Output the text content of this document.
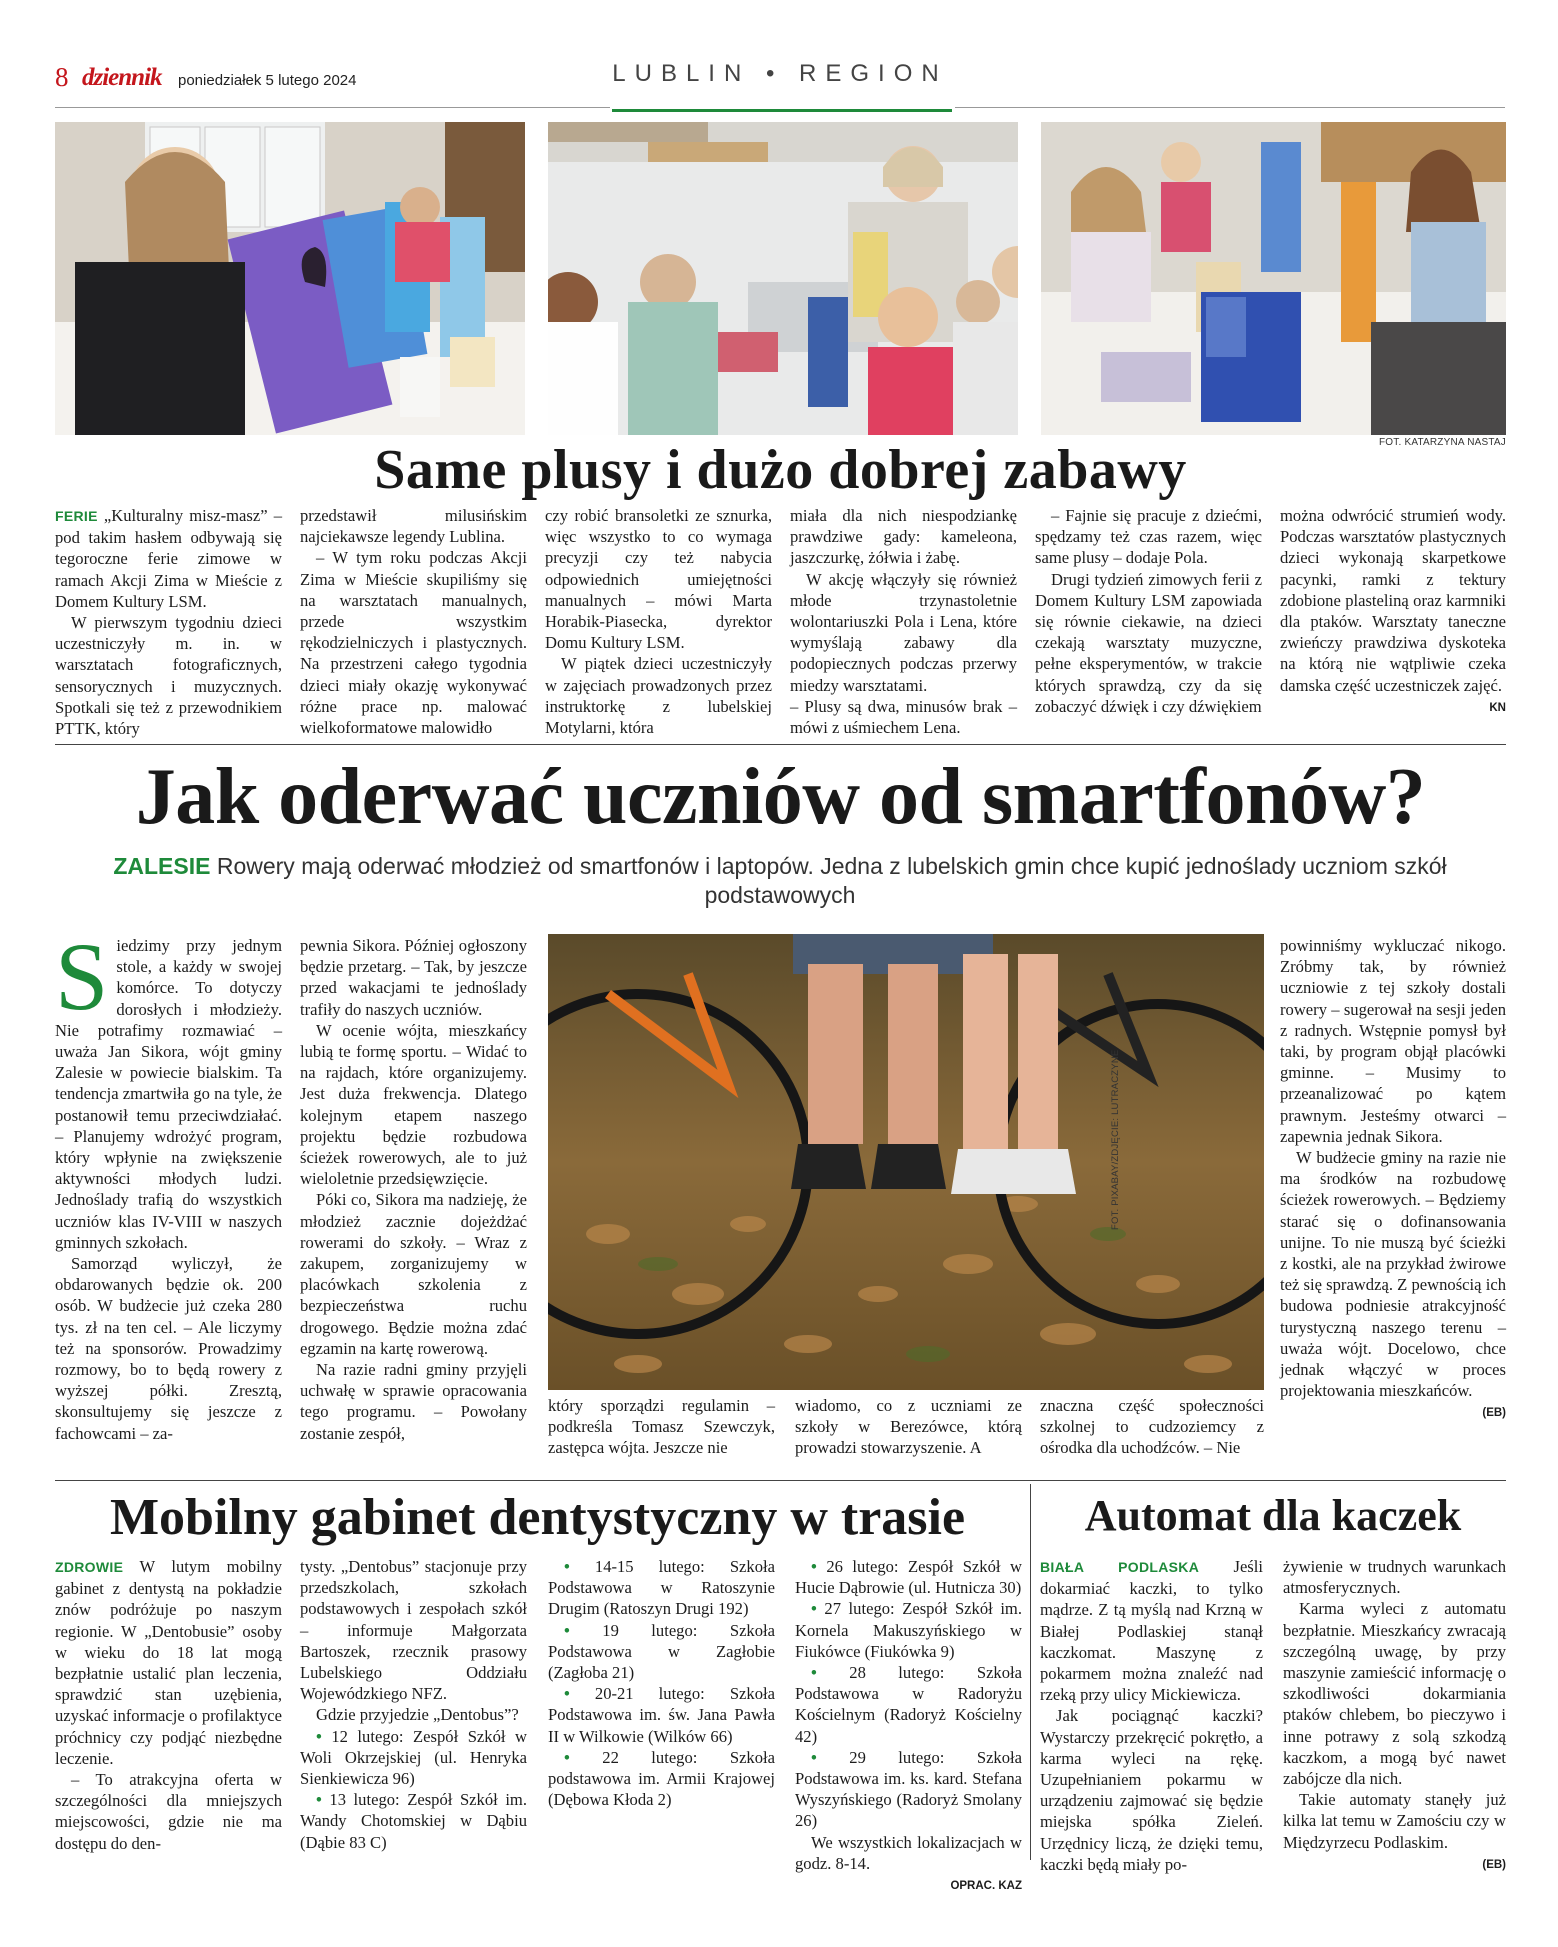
8 dziennik poniedziałek 5 lutego 2024	LUBLIN • REGION
FOT. KATARZYNA NASTAJ
Same plusy i dużo dobrej zabawy

FERIE „Kulturalny misz-masz” – pod takim hasłem odbywają się tegoroczne ferie zimowe w ramach Akcji Zima w Mieście z Domem Kultury LSM.

W pierwszym tygodniu dzieci uczestniczyły m. in. w warsztatach fotograficznych, sensorycznych i muzycznych. Spotkali się też z przewodnikiem PTTK, który

przedstawił milusińskim najciekawsze legendy Lublina.

– W tym roku podczas Akcji Zima w Mieście skupiliśmy się na warsztatach manualnych, przede wszystkim rękodzielniczych i plastycznych. Na przestrzeni całego tygodnia dzieci miały okazję wykonywać różne prace np. malować wielkoformatowe malowidło

czy robić bransoletki ze sznurka, więc wszystko to co wymaga precyzji czy też nabycia odpowiednich umiejętności manualnych – mówi Marta Horabik-Piasecka, dyrektor Domu Kultury LSM.

W piątek dzieci uczestniczyły w zajęciach prowadzonych przez instruktorkę z lubelskiej Motylarni, która

miała dla nich niespodziankę prawdziwe gady: kameleona, jaszczurkę, żółwia i żabę.

W akcję włączyły się również młode trzynastoletnie wolontariuszki Pola i Lena, które wymyślają zabawy dla podopiecznych podczas przerwy miedzy warsztatami.

– Plusy są dwa, minusów brak – mówi z uśmiechem Lena.

– Fajnie się pracuje z dziećmi, spędzamy też czas razem, więc same plusy – dodaje Pola.

Drugi tydzień zimowych ferii z Domem Kultury LSM zapowiada się równie ciekawie, na dzieci czekają warsztaty muzyczne, pełne eksperymentów, w trakcie których sprawdzą, czy da się zobaczyć dźwięk i czy dźwiękiem

można odwrócić strumień wody. Podczas warsztatów plastycznych dzieci wykonają skarpetkowe pacynki, ramki z tektury zdobione plasteliną oraz karmniki dla ptaków. Warsztaty taneczne zwieńczy prawdziwa dyskoteka na którą nie wątpliwie czeka damska część uczestniczek zajęć.

KN
Jak oderwać uczniów od smartfonów?
ZALESIE Rowery mają oderwać młodzież od smartfonów i laptopów. Jedna z lubelskich gmin chce kupić jednoślady uczniom szkół podstawowych
FOT. PIXABAY/ZDJĘCIE: LUTRACZYNE

Siedzimy przy jednym stole, a każdy w swojej komórce. To dotyczy dorosłych i młodzieży. Nie potrafimy rozmawiać – uważa Jan Sikora, wójt gminy Zalesie w powiecie bialskim. Ta tendencja zmartwiła go na tyle, że postanowił temu przeciwdziałać. – Planujemy wdrożyć program, który wpłynie na zwiększenie aktywności młodych ludzi. Jednoślady trafią do wszystkich uczniów klas IV-VIII w naszych gminnych szkołach.

Samorząd wyliczył, że obdarowanych będzie ok. 200 osób. W budżecie już czeka 280 tys. zł na ten cel. – Ale liczymy też na sponsorów. Prowadzimy rozmowy, bo to będą rowery z wyższej półki. Zresztą, skonsultujemy się jeszcze z fachowcami – za-

pewnia Sikora. Później ogłoszony będzie przetarg. – Tak, by jeszcze przed wakacjami te jednoślady trafiły do naszych uczniów.

W ocenie wójta, mieszkańcy lubią te formę sportu. – Widać to na rajdach, które organizujemy. Jest duża frekwencja. Dlatego kolejnym etapem naszego projektu będzie rozbudowa ścieżek rowerowych, ale to już wieloletnie przedsięwzięcie.

Póki co, Sikora ma nadzieję, że młodzież zacznie dojeżdżać rowerami do szkoły. – Wraz z zakupem, zorganizujemy w placówkach szkolenia z bezpieczeństwa ruchu drogowego. Będzie można zdać egzamin na kartę rowerową.

Na razie radni gminy przyjęli uchwałę w sprawie opracowania tego programu. – Powołany zostanie zespół,

który sporządzi regulamin – podkreśla Tomasz Szewczyk, zastępca wójta. Jeszcze nie

wiadomo, co z uczniami ze szkoły w Berezówce, którą prowadzi stowarzyszenie. A

znaczna część społeczności szkolnej to cudzoziemcy z ośrodka dla uchodźców. – Nie

powinniśmy wykluczać nikogo. Zróbmy tak, by również uczniowie z tej szkoły dostali rowery – sugerował na sesji jeden z radnych. Wstępnie pomysł był taki, by program objął placówki gminne. – Musimy to przeanalizować po kątem prawnym. Jesteśmy otwarci – zapewnia jednak Sikora.

W budżecie gminy na razie nie ma środków na rozbudowę ścieżek rowerowych. – Będziemy starać się o dofinansowania unijne. To nie muszą być ścieżki z kostki, ale na przykład żwirowe też się sprawdzą. Z pewnością ich budowa podniesie atrakcyjność turystyczną naszego terenu – uważa wójt. Docelowo, chce jednak włączyć w proces projektowania mieszkańców.

(EB)
Mobilny gabinet dentystyczny w trasie

ZDROWIE W lutym mobilny gabinet z dentystą na pokładzie znów podróżuje po naszym regionie. W „Dentobusie” osoby w wieku do 18 lat mogą bezpłatnie ustalić plan leczenia, sprawdzić stan uzębienia, uzyskać informacje o profilaktyce próchnicy czy podjąć niezbędne leczenie.

– To atrakcyjna oferta w szczególności dla mniejszych miejscowości, gdzie nie ma dostępu do den-

tysty. „Dentobus” stacjonuje przy przedszkolach, szkołach podstawowych i zespołach szkół – informuje Małgorzata Bartoszek, rzecznik prasowy Lubelskiego Oddziału Wojewódzkiego NFZ.

Gdzie przyjedzie „Dentobus”?

• 12 lutego: Zespół Szkół w Woli Okrzejskiej (ul. Henryka Sienkiewicza 96)

• 13 lutego: Zespół Szkół im. Wandy Chotomskiej w Dąbiu (Dąbie 83 C)

• 14-15 lutego: Szkoła Podstawowa w Ratoszynie Drugim (Ratoszyn Drugi 192)

• 19 lutego: Szkoła Podstawowa w Zagłobie (Zagłoba 21)

• 20-21 lutego: Szkoła Podstawowa im. św. Jana Pawła II w Wilkowie (Wilków 66)

• 22 lutego: Szkoła podstawowa im. Armii Krajowej (Dębowa Kłoda 2)

• 26 lutego: Zespół Szkół w Hucie Dąbrowie (ul. Hutnicza 30)

• 27 lutego: Zespół Szkół im. Kornela Makuszyńskiego w Fiukówce (Fiukówka 9)

• 28 lutego: Szkoła Podstawowa w Radoryżu Kościelnym (Radoryż Kościelny 42)

• 29 lutego: Szkoła Podstawowa im. ks. kard. Stefana Wyszyńskiego (Radoryż Smolany 26)

We wszystkich lokalizacjach w godz. 8-14.

OPRAC. KAZ
Automat dla kaczek

BIAŁA PODLASKA Jeśli dokarmiać kaczki, to tylko mądrze. Z tą myślą nad Krzną w Białej Podlaskiej stanął kaczkomat. Maszynę z pokarmem można znaleźć nad rzeką przy ulicy Mickiewicza.

Jak pociągnąć kaczki? Wystarczy przekręcić pokrętło, a karma wyleci na rękę. Uzupełnianiem pokarmu w urządzeniu zajmować się będzie miejska spółka Zieleń. Urzędnicy liczą, że dzięki temu, kaczki będą miały po-

żywienie w trudnych warunkach atmosferycznych.

Karma wyleci z automatu bezpłatnie. Mieszkańcy zwracają szczególną uwagę, by przy maszynie zamieścić informację o szkodliwości dokarmiania ptaków chlebem, bo pieczywo i inne potrawy z solą szkodzą kaczkom, a mogą być nawet zabójcze dla nich.

Takie automaty stanęły już kilka lat temu w Zamościu czy w Międzyrzecu Podlaskim.

(EB)
